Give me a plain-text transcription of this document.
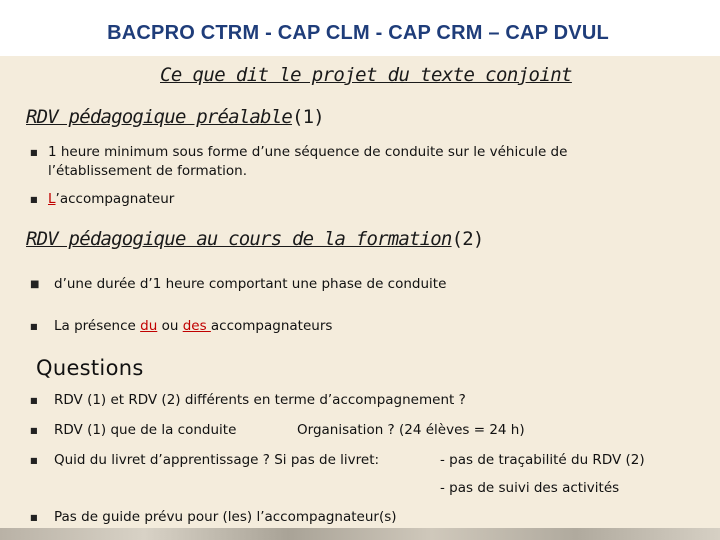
BACPRO CTRM - CAP CLM - CAP CRM – CAP DVUL
Ce que dit le projet du texte conjoint
RDV pédagogique préalable(1)
■ 1 heure minimum sous forme d’une séquence de conduite sur le véhicule de
l’établissement de formation.
■ L’accompagnateur
RDV pédagogique au cours de la formation(2)
■ d’une durée d’1 heure comportant une phase de conduite
■ La présence du ou des accompagnateurs
Questions
■ RDV (1) et RDV (2) différents en terme d’accompagnement ?
■ RDV (1) que de la conduite	Organisation ? (24 élèves = 24 h)
■ Quid du livret d’apprentissage ? Si pas de livret:	- pas de traçabilité du RDV (2)
- pas de suivi des activités
■ Pas de guide prévu pour (les) l’accompagnateur(s)
